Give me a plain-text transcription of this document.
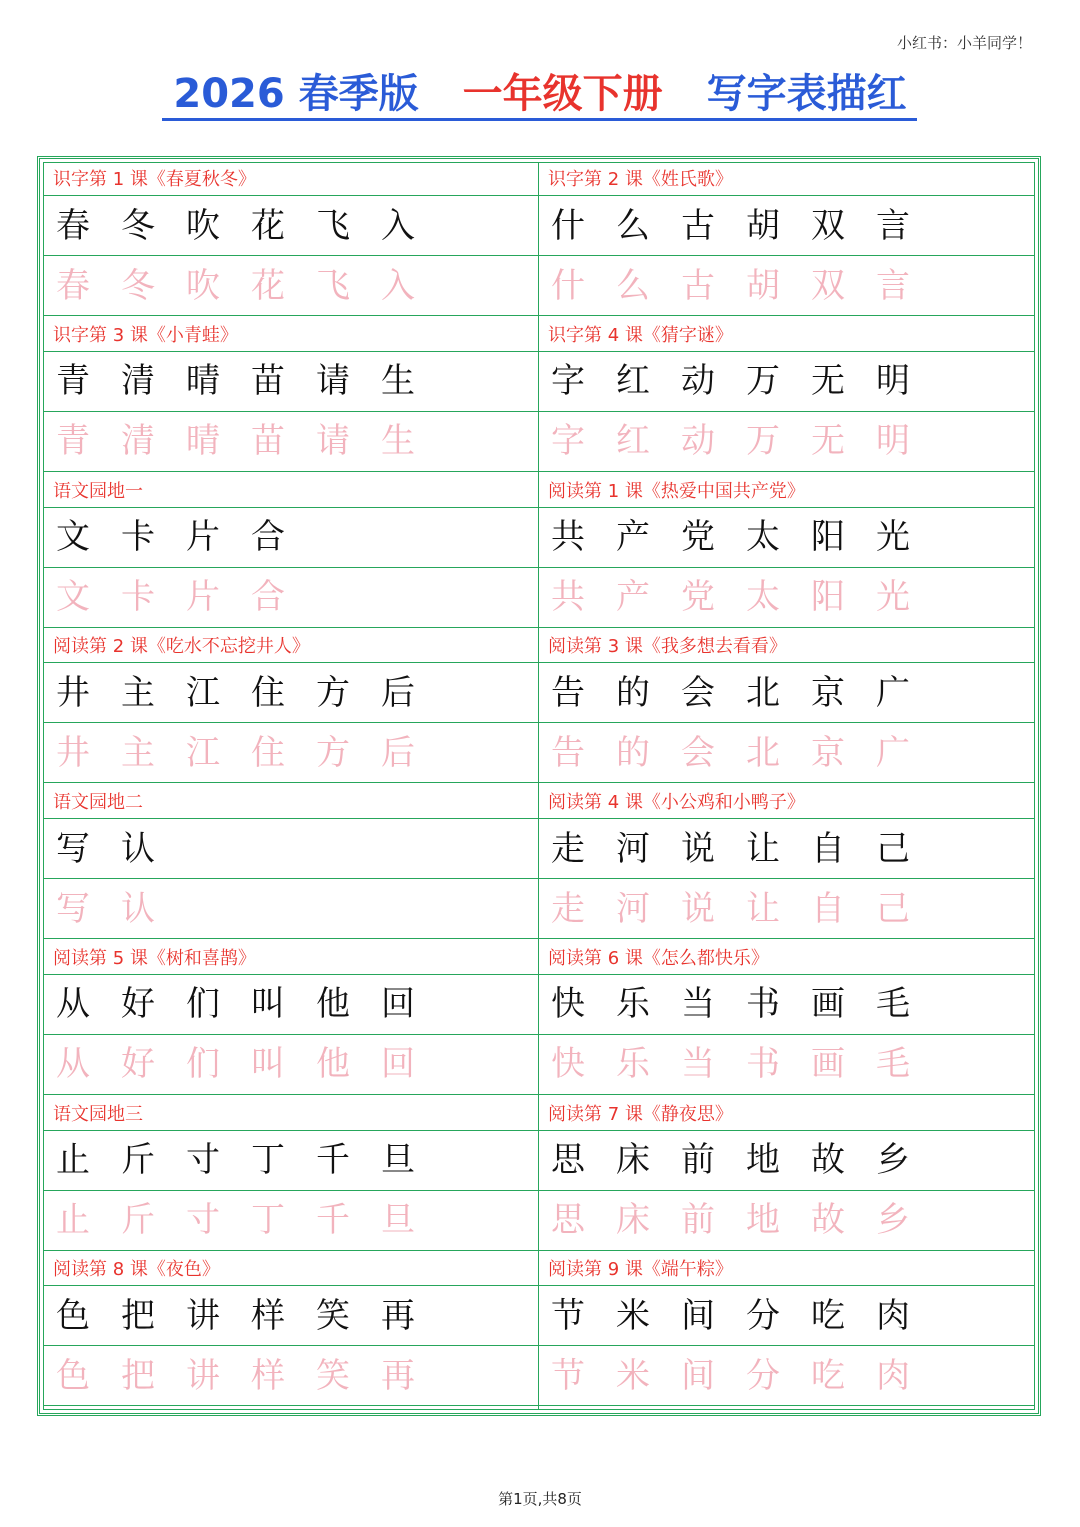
小红书：小羊同学！
2026 春季版 一年级下册 写字表描红
识字第 1 课《春夏秋冬》
春 冬 吹 花 飞 入
春 冬 吹 花 飞 入
识字第 2 课《姓氏歌》
什 么 古 胡 双 言
什 么 古 胡 双 言
识字第 3 课《小青蛙》
青 清 晴 苗 请 生
青 清 晴 苗 请 生
识字第 4 课《猜字谜》
字 红 动 万 无 明
字 红 动 万 无 明
语文园地一
文 卡 片 合
文 卡 片 合
阅读第 1 课《热爱中国共产党》
共 产 党 太 阳 光
共 产 党 太 阳 光
阅读第 2 课《吃水不忘挖井人》
井 主 江 住 方 后
井 主 江 住 方 后
阅读第 3 课《我多想去看看》
告 的 会 北 京 广
告 的 会 北 京 广
语文园地二
写 认
写 认
阅读第 4 课《小公鸡和小鸭子》
走 河 说 让 自 己
走 河 说 让 自 己
阅读第 5 课《树和喜鹊》
从 好 们 叫 他 回
从 好 们 叫 他 回
阅读第 6 课《怎么都快乐》
快 乐 当 书 画 毛
快 乐 当 书 画 毛
语文园地三
止 斤 寸 丁 千 旦
止 斤 寸 丁 千 旦
阅读第 7 课《静夜思》
思 床 前 地 故 乡
思 床 前 地 故 乡
阅读第 8 课《夜色》
色 把 讲 样 笑 再
色 把 讲 样 笑 再
阅读第 9 课《端午粽》
节 米 间 分 吃 肉
节 米 间 分 吃 肉
第1页,共8页
